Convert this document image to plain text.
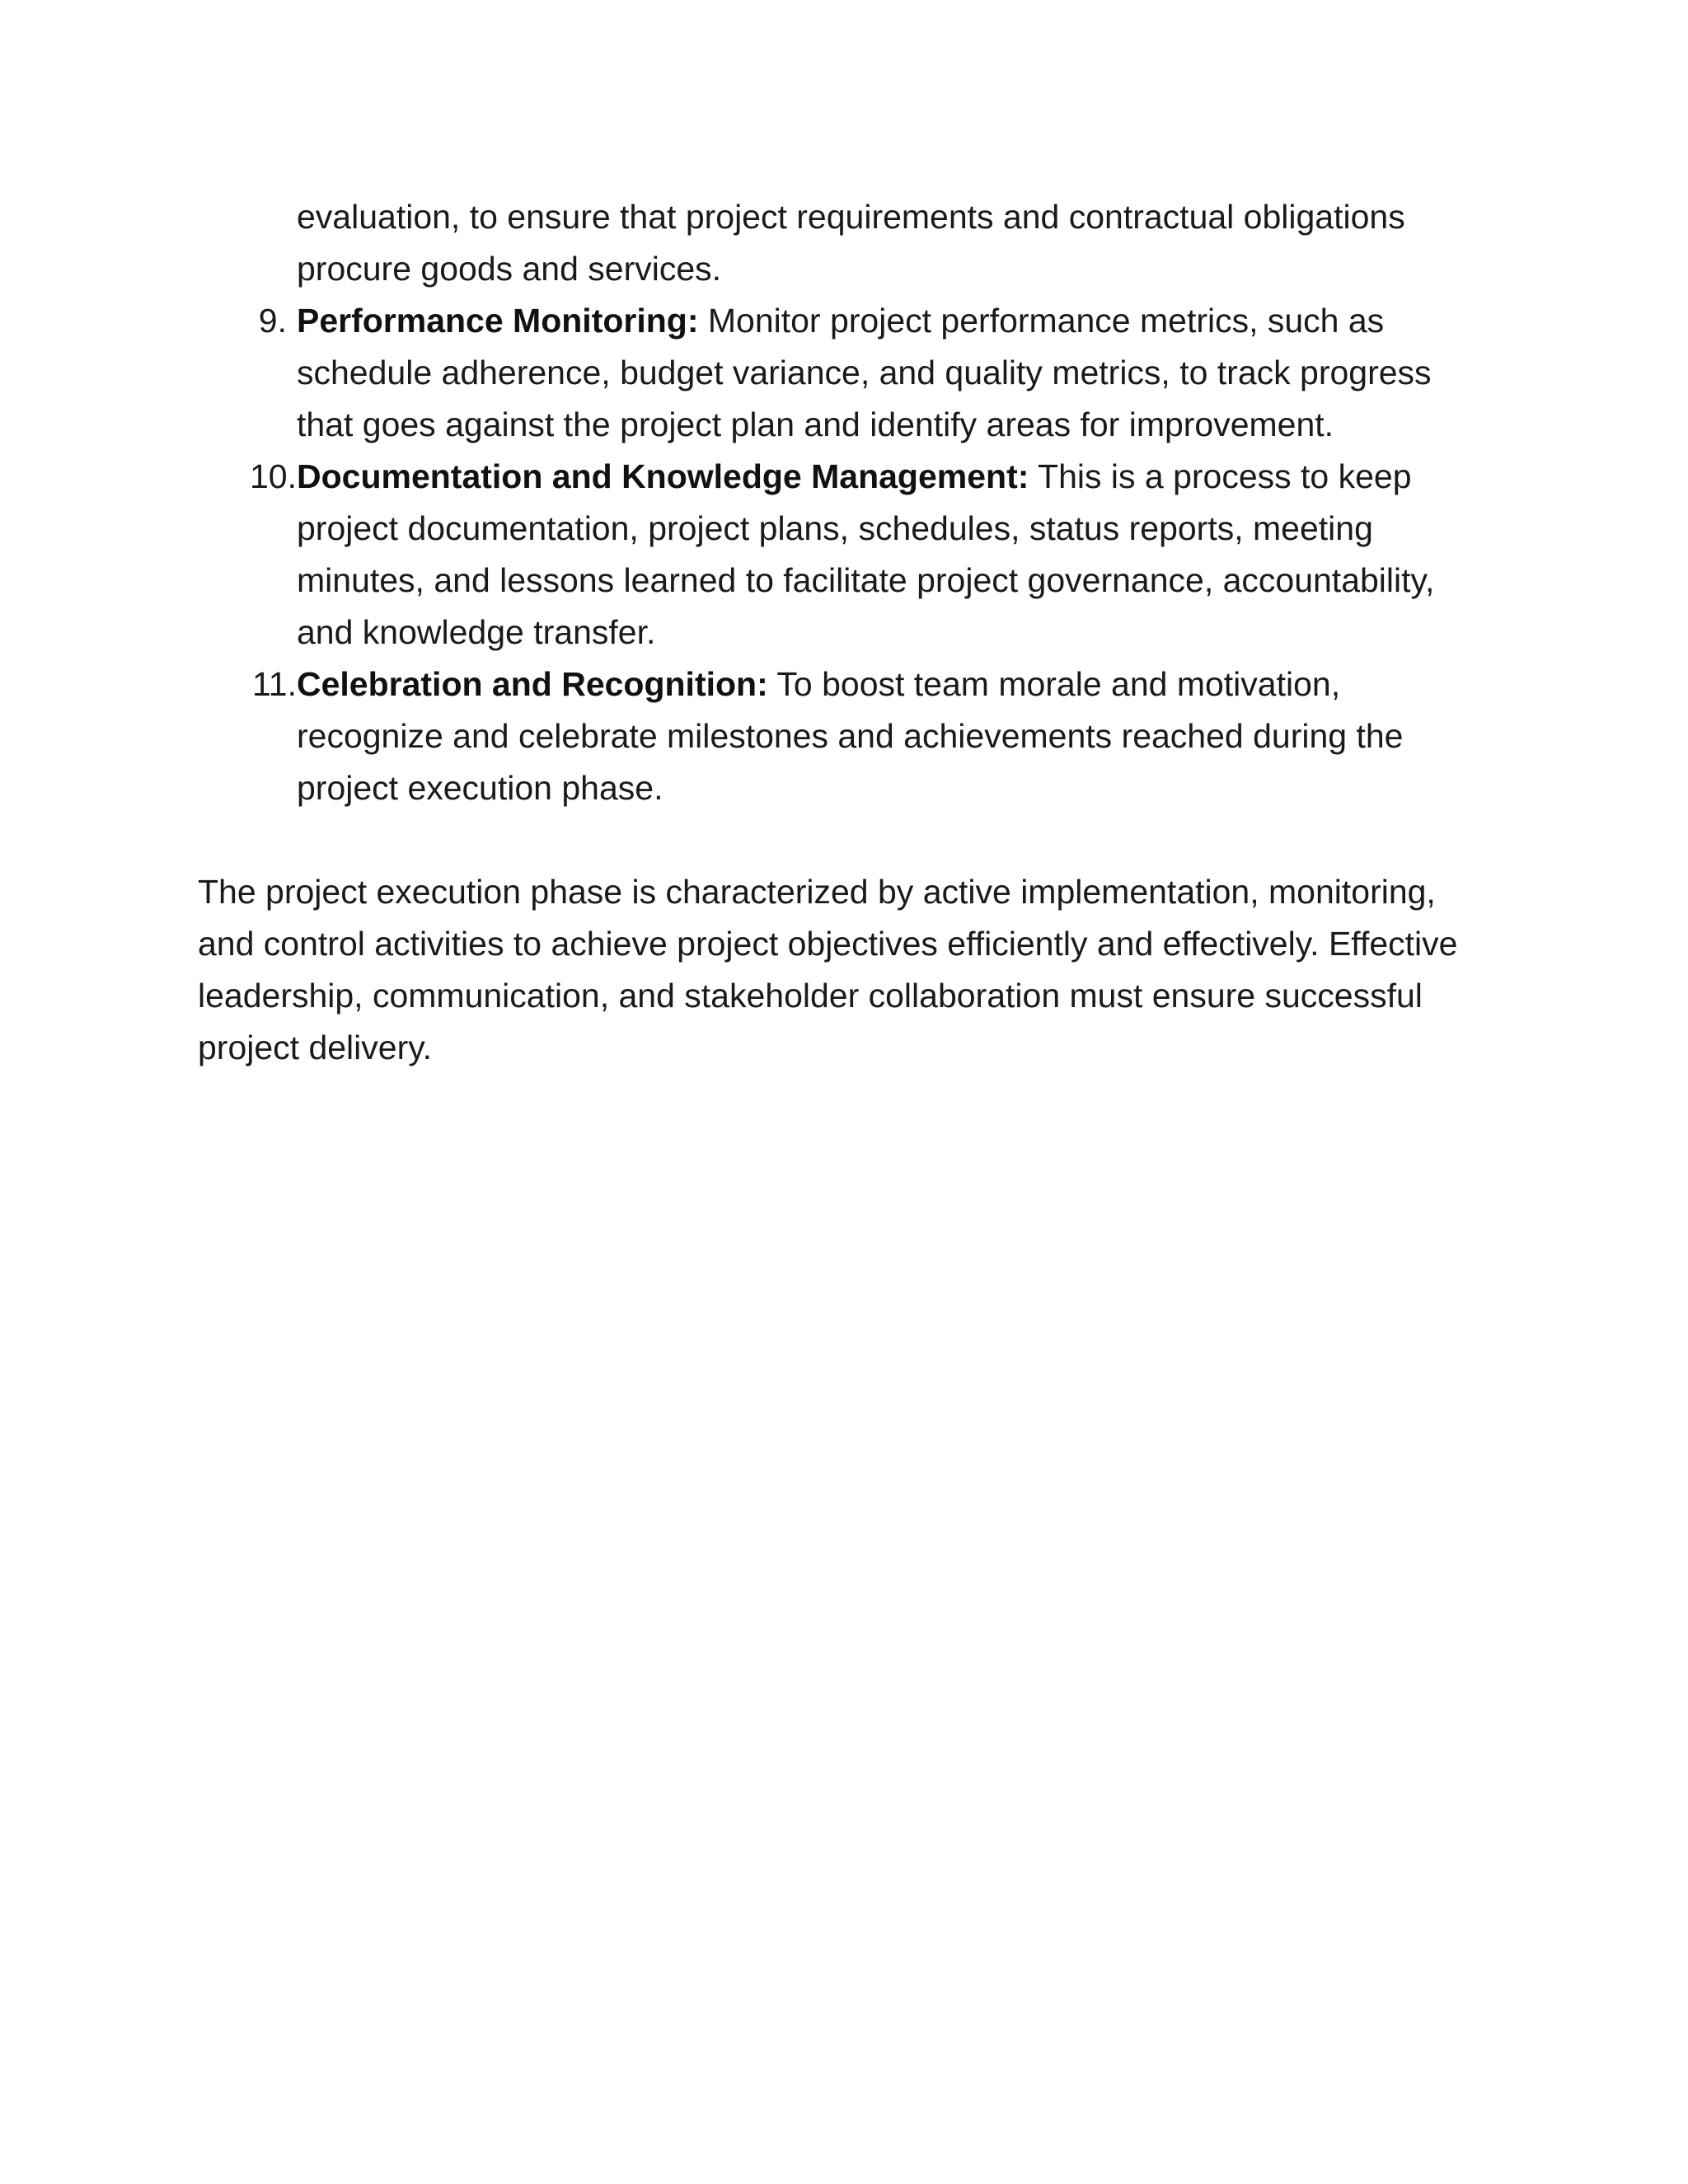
evaluation, to ensure that project requirements and contractual obligations procure goods and services.

9. Performance Monitoring: Monitor project performance metrics, such as schedule adherence, budget variance, and quality metrics, to track progress that goes against the project plan and identify areas for improvement.
10. Documentation and Knowledge Management: This is a process to keep project documentation, project plans, schedules, status reports, meeting minutes, and lessons learned to facilitate project governance, accountability, and knowledge transfer.
11. Celebration and Recognition: To boost team morale and motivation, recognize and celebrate milestones and achievements reached during the project execution phase.

The project execution phase is characterized by active implementation, monitoring, and control activities to achieve project objectives efficiently and effectively. Effective leadership, communication, and stakeholder collaboration must ensure successful project delivery.
